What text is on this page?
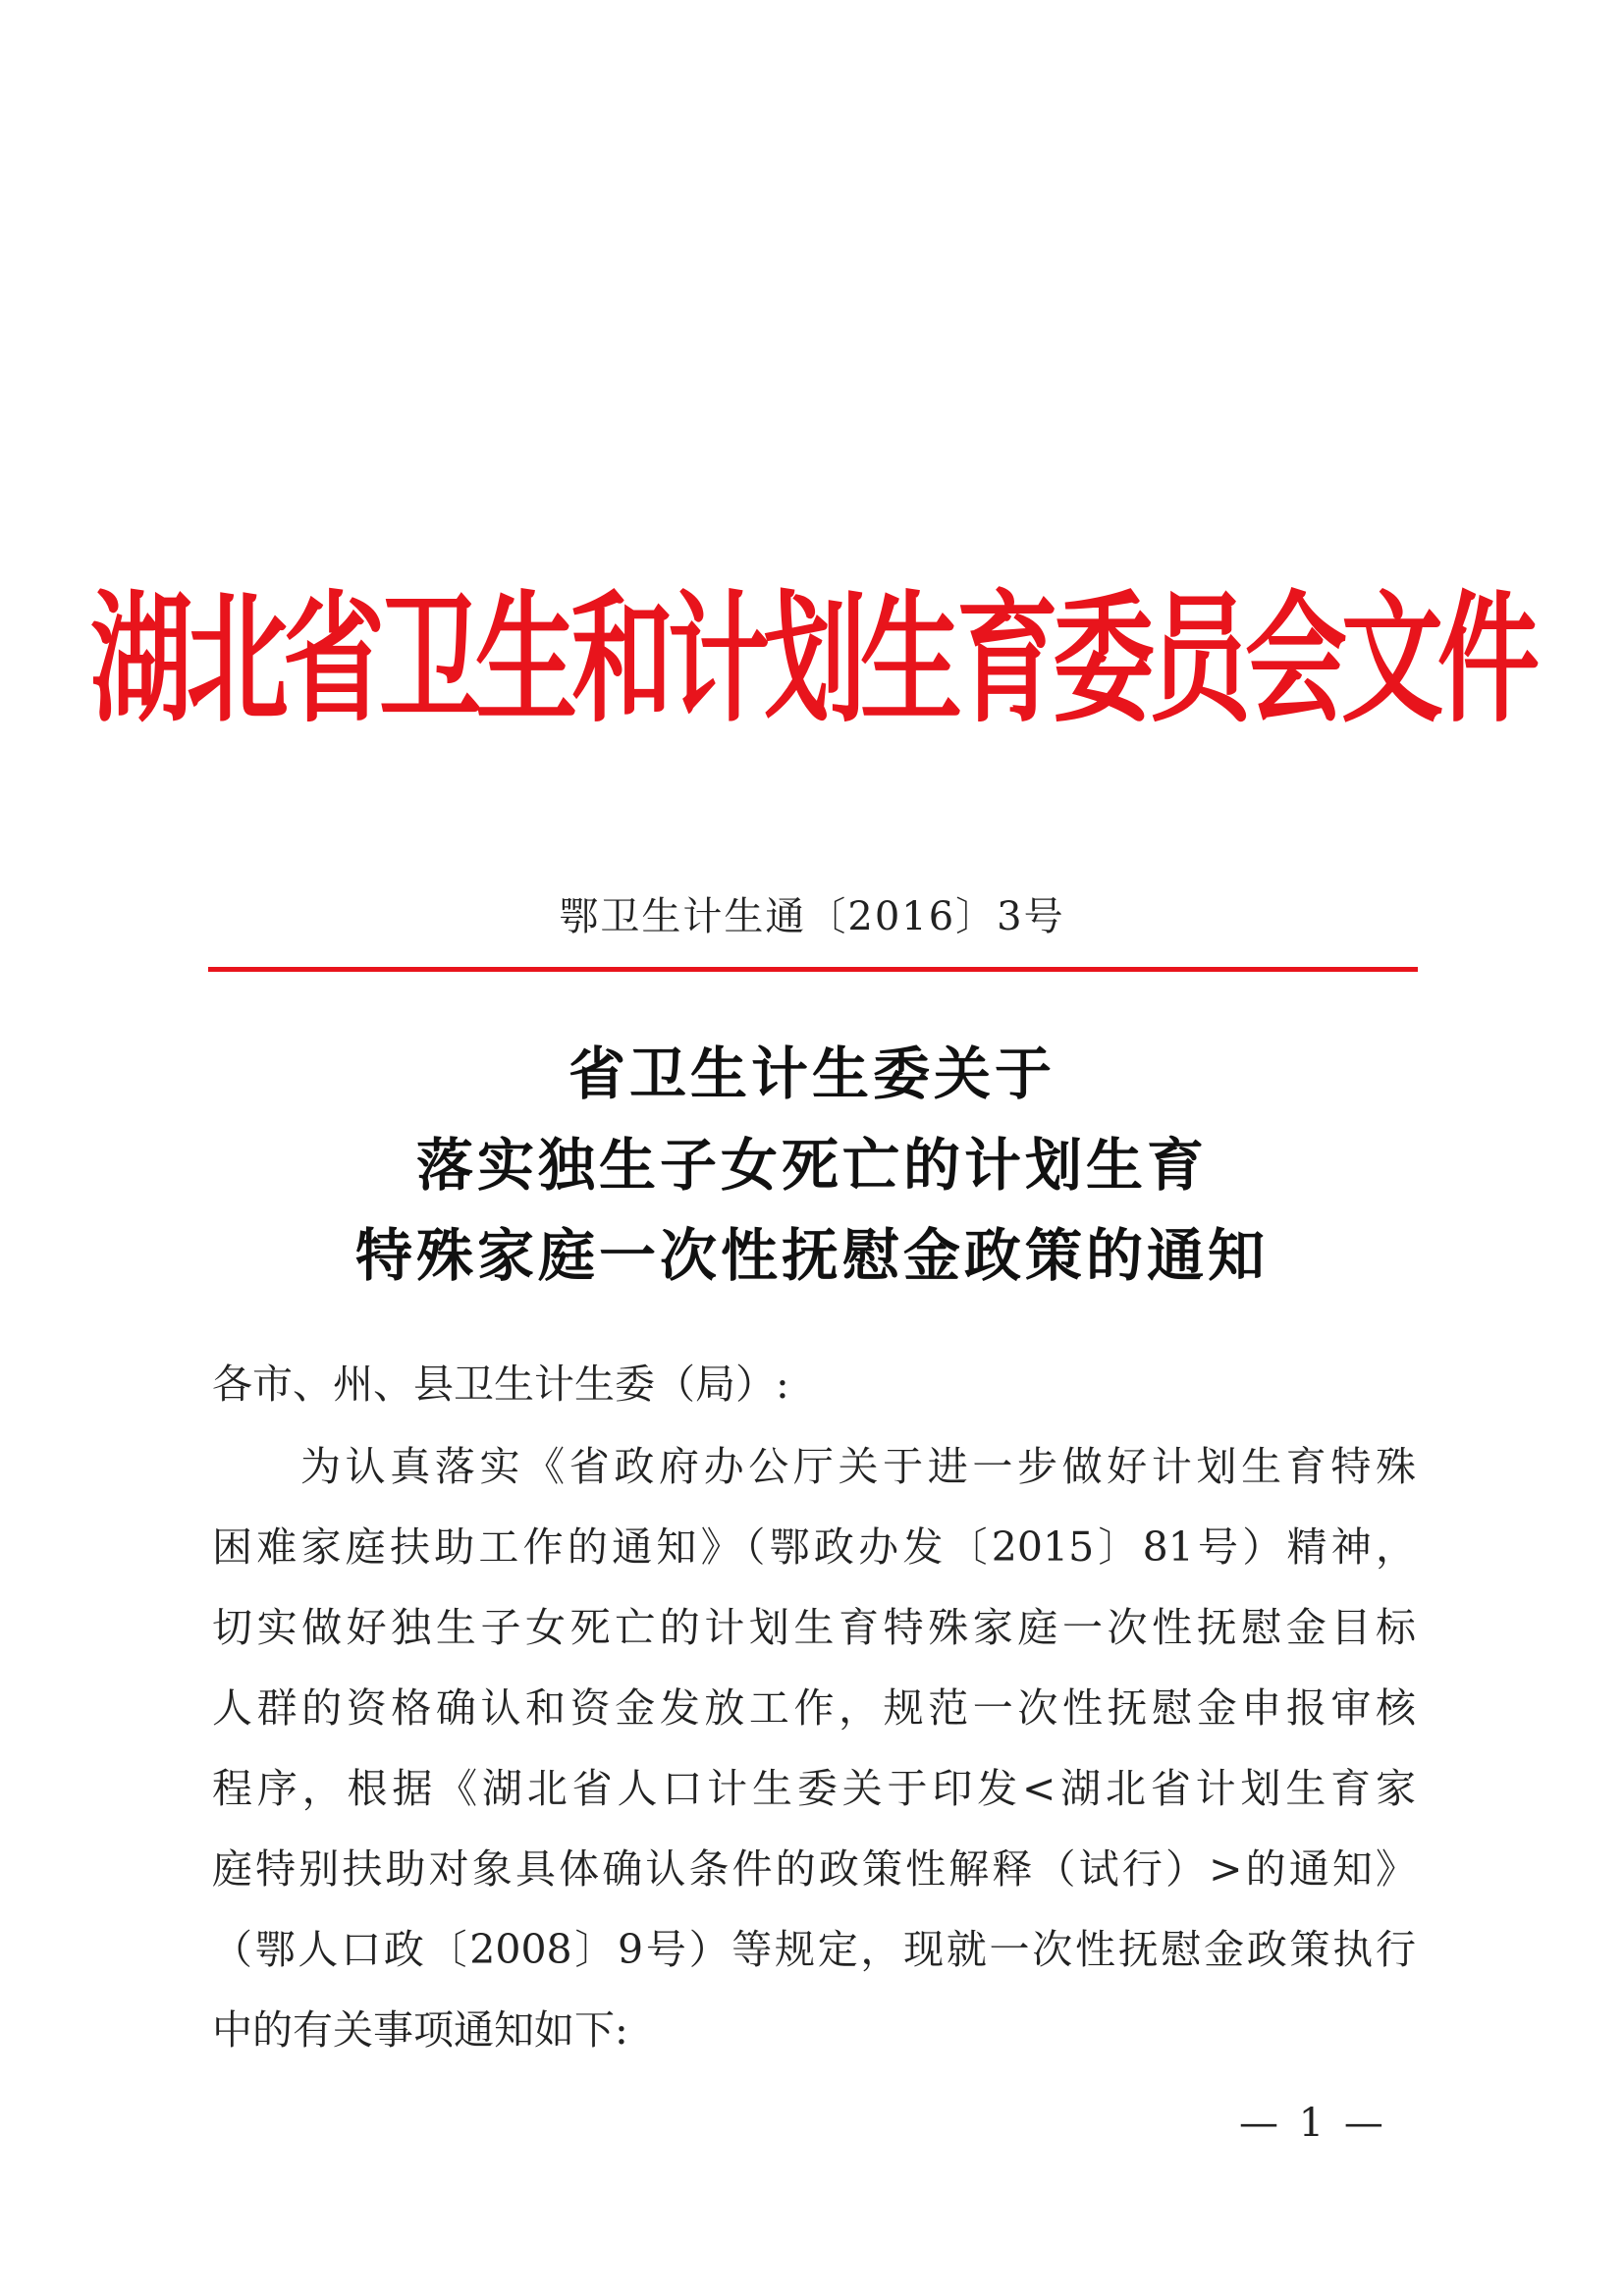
湖北省卫生和计划生育委员会文件
鄂卫生计生通〔2016〕3号
省卫生计生委关于
落实独生子女死亡的计划生育
特殊家庭一次性抚慰金政策的通知
各市、州、县卫生计生委（局）:
为认真落实《省政府办公厅关于进一步做好计划生育特殊
困难家庭扶助工作的通知》（鄂政办发〔2015〕81号）精神，
切实做好独生子女死亡的计划生育特殊家庭一次性抚慰金目标
人群的资格确认和资金发放工作，规范一次性抚慰金申报审核
程序，根据《湖北省人口计生委关于印发<湖北省计划生育家
庭特别扶助对象具体确认条件的政策性解释（试行）>的通知》
（鄂人口政〔2008〕9号）等规定，现就一次性抚慰金政策执行
中的有关事项通知如下:
— 1 —
